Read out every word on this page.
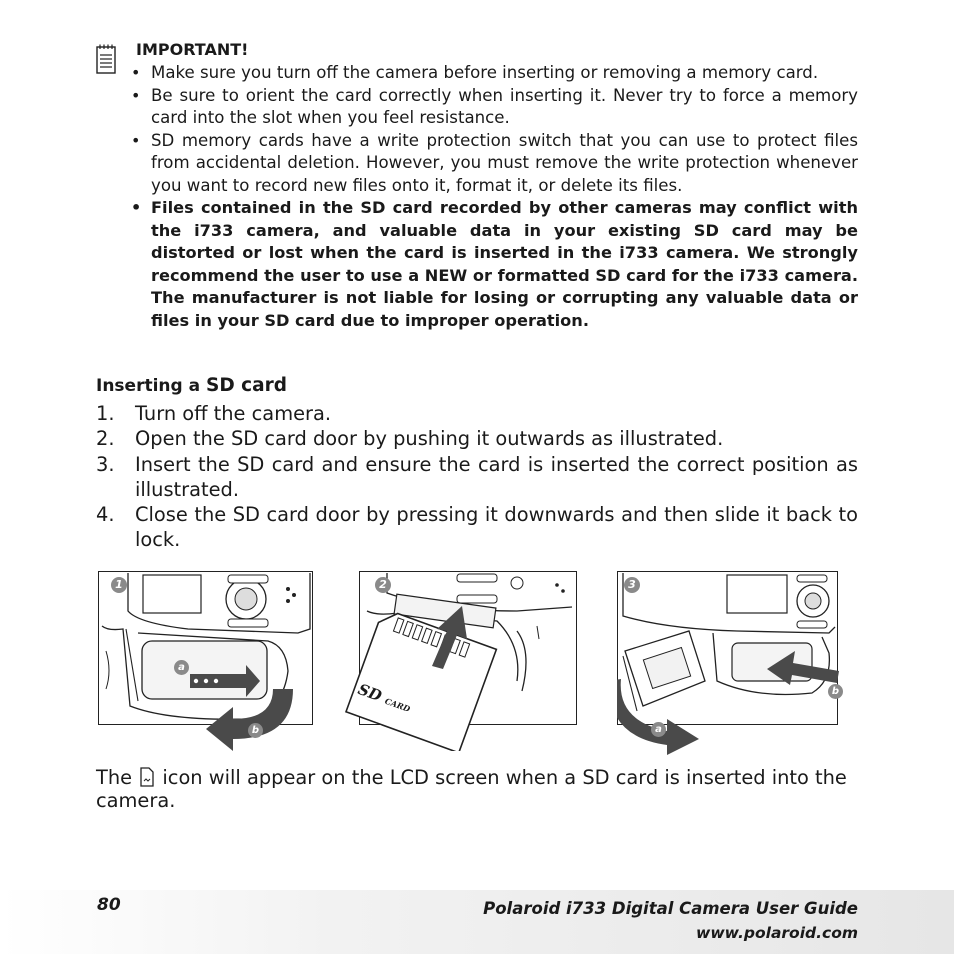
IMPORTANT!
• Make sure you turn off the camera before inserting or removing a memory card.
• Be sure to orient the card correctly when inserting it. Never try to force a memory card into the slot when you feel resistance.
• SD memory cards have a write protection switch that you can use to protect files from accidental deletion. However, you must remove the write protection whenever you want to record new files onto it, format it, or delete its files.
• Files contained in the SD card recorded by other cameras may conflict with the i733 camera, and valuable data in your existing SD card may be distorted or lost when the card is inserted in the i733 camera. We strongly recommend the user to use a NEW or formatted SD card for the i733 camera. The manufacturer is not liable for losing or corrupting any valuable data or files in your SD card due to improper operation.
Inserting a SD card
1. Turn off the camera.
2. Open the SD card door by pushing it outwards as illustrated.
3. Insert the SD card and ensure the card is inserted the correct position as illustrated.
4. Close the SD card door by pressing it downwards and then slide it back to lock.
1
a
b
SD CARD
2	3
a
b
The  icon will appear on the LCD screen when a SD card is inserted into the camera.
80	Polaroid i733 Digital Camera User Guide
www.polaroid.com
